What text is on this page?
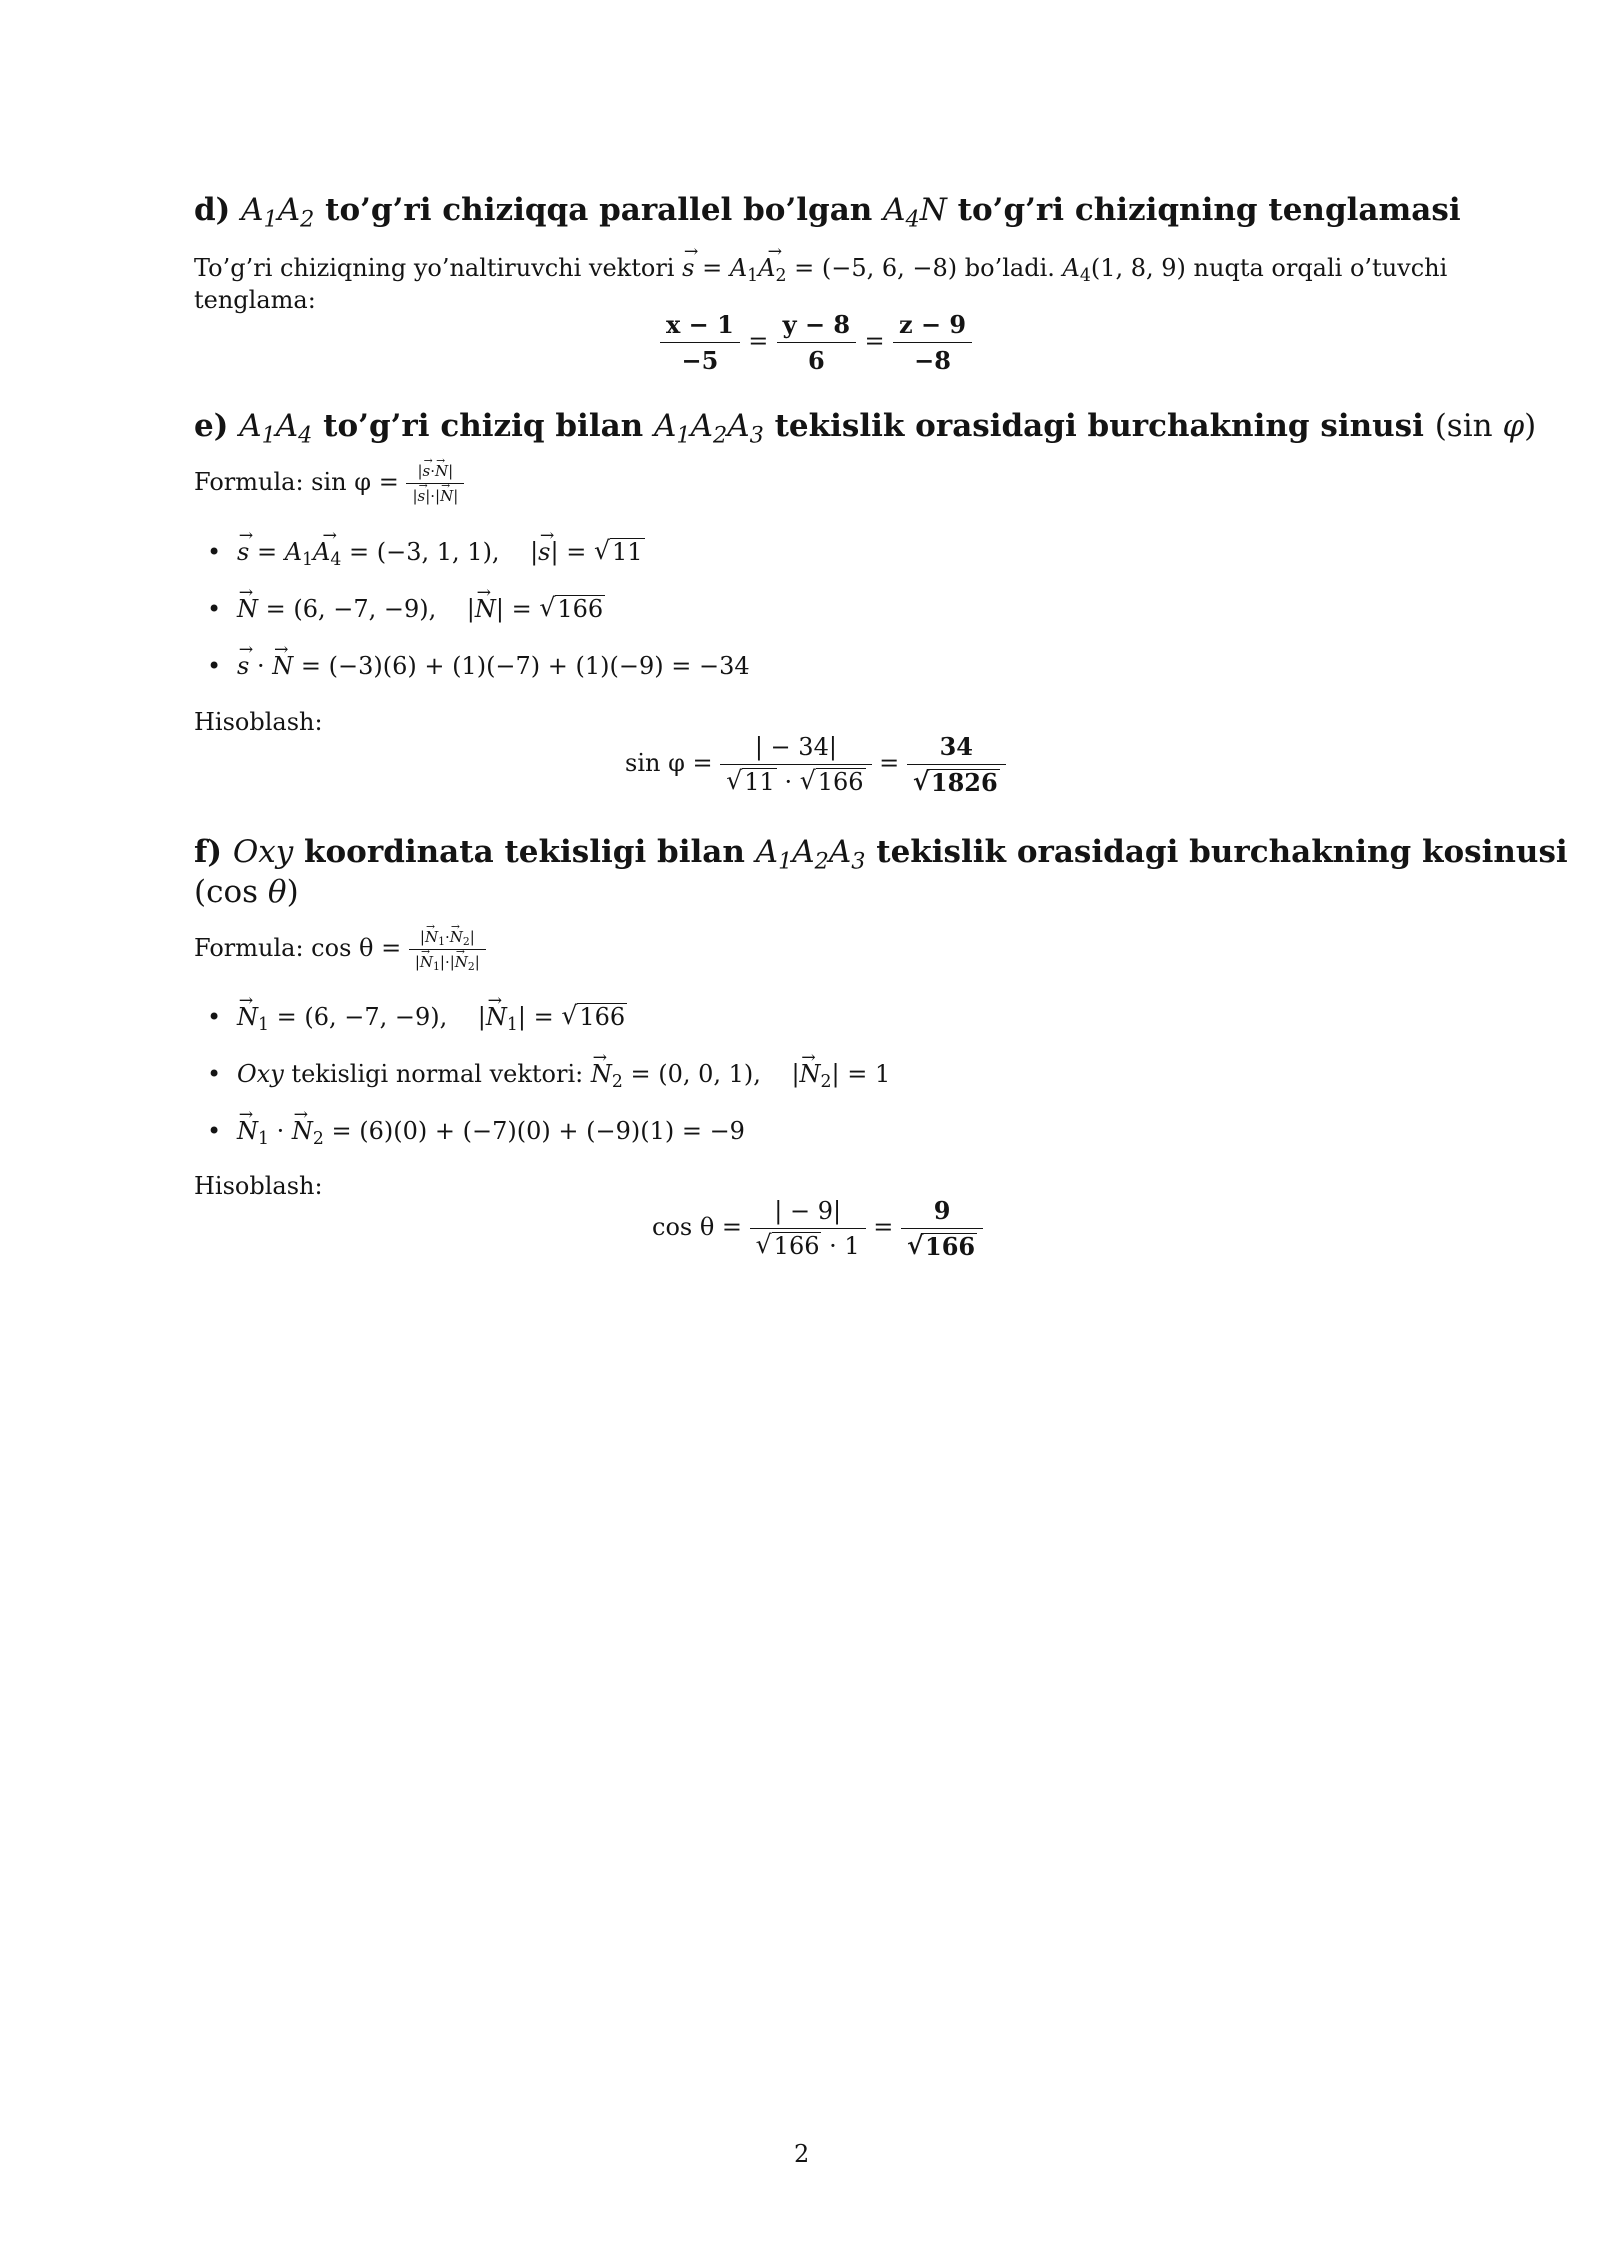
d) $A_1A_2$ to’g’ri chiziqqa parallel bo’lgan $A_4N$ to’g’ri chiziqning tenglamasi
To’g’ri chiziqning yo’naltiruvchi vektori → $s = A_1\to A_2 = (-5$, 6, −8) bo’ladi. $A_4(1$, 8, 9) nuqta orqali o’tuvchi
tenglama:
$\frac{x - 1}{-5} = \frac{y - 8}{6} = \frac{z - 9}{-8}$
e) $A_1A_4$ to’g’ri chiziq bilan $A_1A_2A_3$ tekislik orasidagi burchakning sinusi (sin φ)
Formula: $\sin \varphi = \frac{|\to s\cdot\to N|}{|\to s|\cdot|\to N|}$
• → $s = A_1\to A_4 = (-3$, 1, 1),    |→ s| = √ 11
• → N = (6, −7, −9),    |→ N| = √ 166
• → s · → N = (−3)(6) + (1)(−7) + (1)(−9) = −34
Hisoblash:
sin φ = | − 34|
√ 11 · √ 166 = 34
√ 1826
f) Oxy koordinata tekisligi bilan $A_1A_2A_3$ tekislik orasidagi burchakning kosinusi
(cos θ)
Formula: $\cos \theta = \frac{|\to N_1\cdot\to N_2|}{|\to N_1|\cdot|\to N_2|}$
• → $N_1 = (6$, −7, −9),    |→ $N_1|$ = √ 166
• Oxy tekisligi normal vektori: → $N_2 = (0$, 0, 1),    |→ $N_2| = 1$
• → $N_1$ · → $N_2 = (6)(0) + (-7)(0) + (-9)(1) = -9$
Hisoblash:
cos θ = | − 9|
√ 166 · 1 = 9
√ 166
2
